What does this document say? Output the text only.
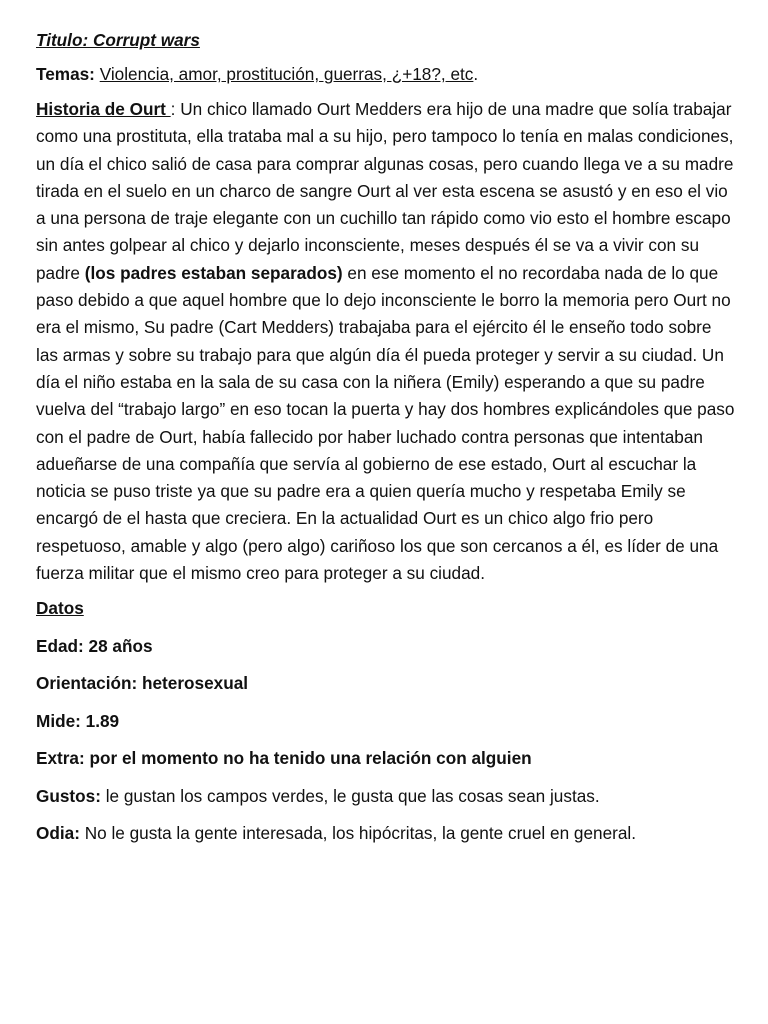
Titulo: Corrupt wars

Temas: Violencia, amor, prostitución, guerras, ¿+18?, etc.

Historia de Ourt : Un chico llamado Ourt Medders era hijo de una madre que solía trabajar como una prostituta, ella trataba mal a su hijo, pero tampoco lo tenía en malas condiciones, un día el chico salió de casa para comprar algunas cosas, pero cuando llega ve a su madre tirada en el suelo en un charco de sangre Ourt al ver esta escena se asustó y en eso el vio a una persona de traje elegante con un cuchillo tan rápido como vio esto el hombre escapo sin antes golpear al chico y dejarlo inconsciente, meses después él se va a vivir con su padre (los padres estaban separados) en ese momento el no recordaba nada de lo que paso debido a que aquel hombre que lo dejo inconsciente le borro la memoria pero Ourt no era el mismo, Su padre (Cart Medders) trabajaba para el ejército él le enseño todo sobre las armas y sobre su trabajo para que algún día él pueda proteger y servir a su ciudad. Un día el niño estaba en la sala de su casa con la niñera (Emily) esperando a que su padre vuelva del “trabajo largo” en eso tocan la puerta y hay dos hombres explicándoles que paso con el padre de Ourt, había fallecido por haber luchado contra personas que intentaban adueñarse de una compañía que servía al gobierno de ese estado, Ourt al escuchar la noticia se puso triste ya que su padre era a quien quería mucho y respetaba Emily se encargó de el hasta que creciera. En la actualidad Ourt es un chico algo frio pero respetuoso, amable y algo (pero algo) cariñoso los que son cercanos a él, es líder de una fuerza militar que el mismo creo para proteger a su ciudad.

Datos

Edad: 28 años

Orientación: heterosexual

Mide: 1.89

Extra: por el momento no ha tenido una relación con alguien

Gustos: le gustan los campos verdes, le gusta que las cosas sean justas.

Odia: No le gusta la gente interesada, los hipócritas, la gente cruel en general.
